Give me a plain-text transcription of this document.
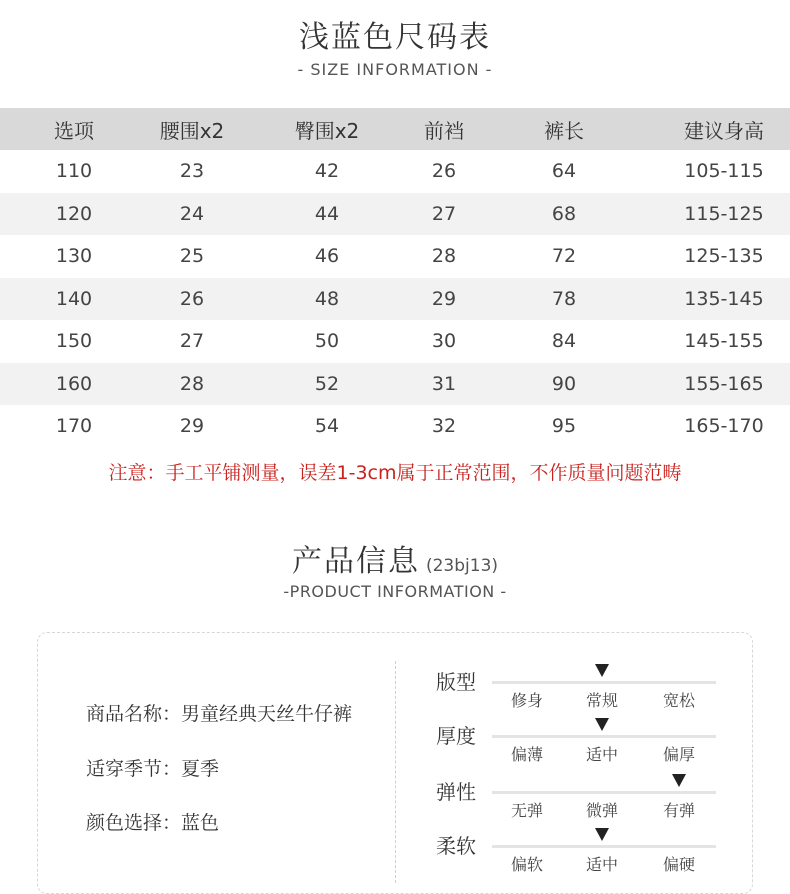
浅蓝色尺码表
- SIZE INFORMATION -
选项	腰围x2	臀围x2	前裆	裤长	建议身高
110	23	42	26	64	105-115
120	24	44	27	68	115-125
130	25	46	28	72	125-135
140	26	48	29	78	135-145
150	27	50	30	84	145-155
160	28	52	31	90	155-165
170	29	54	32	95	165-170
注意：手工平铺测量，误差1-3cm属于正常范围，不作质量问题范畴
产品信息 (23bj13)
-PRODUCT INFORMATION -
商品名称：男童经典天丝牛仔裤
适穿季节：夏季
颜色选择：蓝色
版型
修身	常规	宽松
厚度
偏薄	适中	偏厚
弹性
无弹	微弹	有弹
柔软
偏软	适中	偏硬
